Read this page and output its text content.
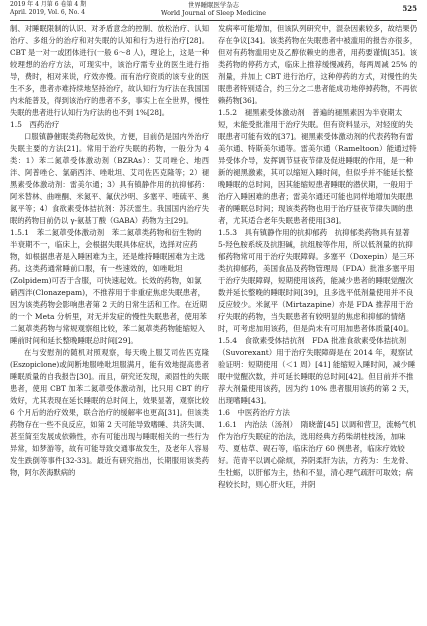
2019 年 4 月第 6 卷第 4 期
April. 2019, Vol. 6, No. 4
世界睡眠医学杂志
World Journal of Sleep Medicine	525

制、对睡眠限制的认识、对矛盾意念的控制、放松治疗、认知治疗、多组分的治疗和对失眠的认知和行为进行治疗[28]。CBT 是一对一或团体进行(一般 6～8 人)，理论上，这是一种较理想的治疗方法，可现实中，该治疗需专业的医生进行指导，费时，相对来说，疗效亦慢。而有治疗资质的该专业的医生不多，患者亦难持续地坚持治疗，故认知行为疗法在我国国内未能普及，得到该治疗的患者不多，事实上在全世界，慢性失眠的患者进行认知行为疗法的也不到 1%[28]。

1.5　西药治疗

口服镇静催眠类药物起效快，方便，目前仍是国内外治疗失眠主要的方法[21]。常用于治疗失眠的药物，一般分为 4 类：1）苯二氮䓬受体激动剂（BZRAs）：艾司唑仑、地西泮、阿普唑仑、氯硝西泮、唑吡坦、艾司佐匹克隆等；2）褪黑素受体激动剂：雷美尔通；3）具有镇静作用的抗抑郁药：阿米替林、曲唑酮、米氮平、氟伏沙明、多塞平、喹硫平、奥氮平等；4）食欲素受体拮抗剂：苏沃雷生。我国国内治疗失眠的药物目前仍以 γ-氨基丁酸（GABA）药物为主[29]。

1.5.1　苯二氮䓬受体激动剂　苯二氮䓬类药物和衍生物的半衰期不一，临床上，会根据失眠具体症状，选择对应药物，如根据患者是入睡困难为主，还是维持睡眠困难为主选药。这类药通常睡前口服，有一些速效的，如唑吡坦(Zolpidem)可否于含服，可快速起效。长效的药物，如氯硝西泮(Clonazepam)，不推荐用于非重症焦虑失眠患者，因为该类药物会影响患者第 2 天的日常生活和工作。在近期的一个 Meta 分析里，对无并发症的慢性失眠患者，使用苯二氮䓬类药物与常规观察组比较，苯二氮䓬类药物能缩短入睡前时间和延长整晚睡眠总时间[29]。

在与安慰剂的随机对照观察，每天晚上服艾司佐匹克隆(Eszopiclone)或间断地服唑吡坦服满月，能有效地提高患者睡眠质量的自我报告[30]。而且，研究还发现，顽固性的失眠患者，使用 CBT 加苯二氮䓬受体激动剂，比只用 CBT 的疗效好，尤其表现在延长睡眠的总时间上，效果显著，观察比较 6 个月后的治疗效果，联合治疗的缓解率也更高[31]。但该类药物存在一些不良反应，如第 2 天可能导致嗜睡、共济失调、甚至简至发展成依赖性，亦有可能出现与睡眠相关的一些行为异常，如梦游等，故有可能导致交通事故发生，及老年人容易发生跌倒等事件[32-33]。最近有研究指出，长期服用该类药物，阿尔茨海默病的

发病率可能增加，但该队列研究中，混杂因素较多，故结果仍存在争议[34]。该类药物在失眠患者中被滥用的报告亦很多，但对有药物滥用史及乙醇依赖史的患者，用药要谨慎[35]。该类药物的停药方式，临床上推荐缓慢减药，每两周减 25% 的剂量，并加上 CBT 进行治疗，这种停药的方式，对慢性的失眠患者特别适合，约三分之二患者能成功地停掉药物，不再依赖药物[36]。

1.5.2　褪黑素受体激动剂　普遍的褪黑素因为半衰期太短，未能受批准用于治疗失眠。但有资料显示，对轻度的失眠患者可能有效的[37]。褪黑素受体激动剂的代表药物有雷美尔通、特斯美尔通等。雷美尔通（Rameltoon）能通过特异受体介导，发挥调节昼夜节律及促进睡眠的作用，是一种新的褪黑激素，其可以缩短入睡时间，但似乎并不能延长整晚睡眠的总时间，因其能缩短患者睡眠的潜伏期，一般用于治疗入睡困难的患者；雷美尔通还可能也同样地增加失眠患者的睡眠总时间；现该类药物也用于治疗昼夜节律失调的患者，尤其适合老年失眠患者使用[38]。
1.5.3　具有镇静作用的抗抑郁药　抗抑郁类药物具有显著 5-羟色胺系统及抗胆碱，抗组胺等作用，所以低剂量的抗抑郁药物常可用于治疗失眠障碍。多塞平（Doxepin）是三环类抗抑郁药，美国食品及药物管理局（FDA）批准多塞平用于治疗失眠障碍，短期使用该药，能减少患者的睡眠觉醒次数并延长整晚的睡眠时间[39]，且多选平低剂量使用并不良反应较少。米氮平（Mirtazapine）亦是 FDA 推荐用于治疗失眠的药物，当失眠患者有较明显的焦虑和抑郁的情绪时，可考虑加用该药，但是尚未有可用加患者体质量[40]。
1.5.4　食欲素受体拮抗剂　FDA 批准食欲素受体拮抗剂（Suvorexant）用于治疗失眠障碍是在 2014 年，观察试验证明：短期使用（＜1 周）[41] 能缩短入睡时间，减少睡眠中觉醒次数，并可延长睡眠的总时间[42]。但目前并不推荐大剂量使用该药，因为约 10% 患者服用该药的第 2 天，出现嗜睡[43]。
1.6　中医药治疗方法
1.6.1　内治法（汤剂）　隋晓蕾[45] 以调和营卫，流畅气机作为治疗失眠症的治法，选用经典方药柴胡桂枝汤，加味芍、夏枯草、砚石等，临床治疗 60 例患者，临床疗效较好。范青平以调心除烦，养阴柔肝为法，方药为：生龙骨、生牡蛎，以肝郁为主，热和不显，清心理气疏肝可取效；病程较长时，则心肝火旺，并阴
